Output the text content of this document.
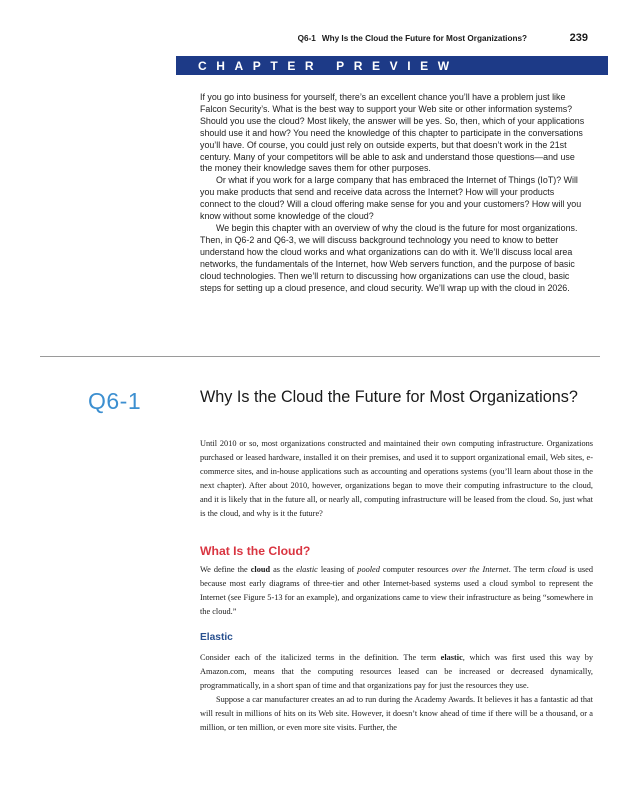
Q6-1 Why Is the Cloud the Future for Most Organizations?	239
CHAPTER PREVIEW

If you go into business for yourself, there’s an excellent chance you’ll have a problem just like Falcon Security’s. What is the best way to support your Web site or other information systems? Should you use the cloud? Most likely, the answer will be yes. So, then, which of your applications should use it and how? You need the knowledge of this chapter to participate in the conversations you’ll have. Of course, you could just rely on outside experts, but that doesn’t work in the 21st century. Many of your competitors will be able to ask and understand those questions—and use the money their knowledge saves them for other purposes.

Or what if you work for a large company that has embraced the Internet of Things (IoT)? Will you make products that send and receive data across the Internet? How will your products connect to the cloud? Will a cloud offering make sense for you and your customers? How will you know without some knowledge of the cloud?

We begin this chapter with an overview of why the cloud is the future for most organizations. Then, in Q6-2 and Q6-3, we will discuss background technology you need to know to better understand how the cloud works and what organizations can do with it. We’ll discuss local area networks, the fundamentals of the Internet, how Web servers function, and the purpose of basic cloud technologies. Then we’ll return to discussing how organizations can use the cloud, basic steps for setting up a cloud presence, and cloud security. We’ll wrap up with the cloud in 2026.

Q6-1	Why Is the Cloud the Future for Most Organizations?

Until 2010 or so, most organizations constructed and maintained their own computing infrastructure. Organizations purchased or leased hardware, installed it on their premises, and used it to support organizational email, Web sites, e-commerce sites, and in-house applications such as accounting and operations systems (you’ll learn about those in the next chapter). After about 2010, however, organizations began to move their computing infrastructure to the cloud, and it is likely that in the future all, or nearly all, computing infrastructure will be leased from the cloud. So, just what is the cloud, and why is it the future?

What Is the Cloud?

We define the cloud as the elastic leasing of pooled computer resources over the Internet. The term cloud is used because most early diagrams of three-tier and other Internet-based systems used a cloud symbol to represent the Internet (see Figure 5-13 for an example), and organizations came to view their infrastructure as being “somewhere in the cloud.”

Elastic

Consider each of the italicized terms in the definition. The term elastic, which was first used this way by Amazon.com, means that the computing resources leased can be increased or decreased dynamically, programmatically, in a short span of time and that organizations pay for just the resources they use.

Suppose a car manufacturer creates an ad to run during the Academy Awards. It believes it has a fantastic ad that will result in millions of hits on its Web site. However, it doesn’t know ahead of time if there will be a thousand, or a million, or ten million, or even more site visits. Further, the
